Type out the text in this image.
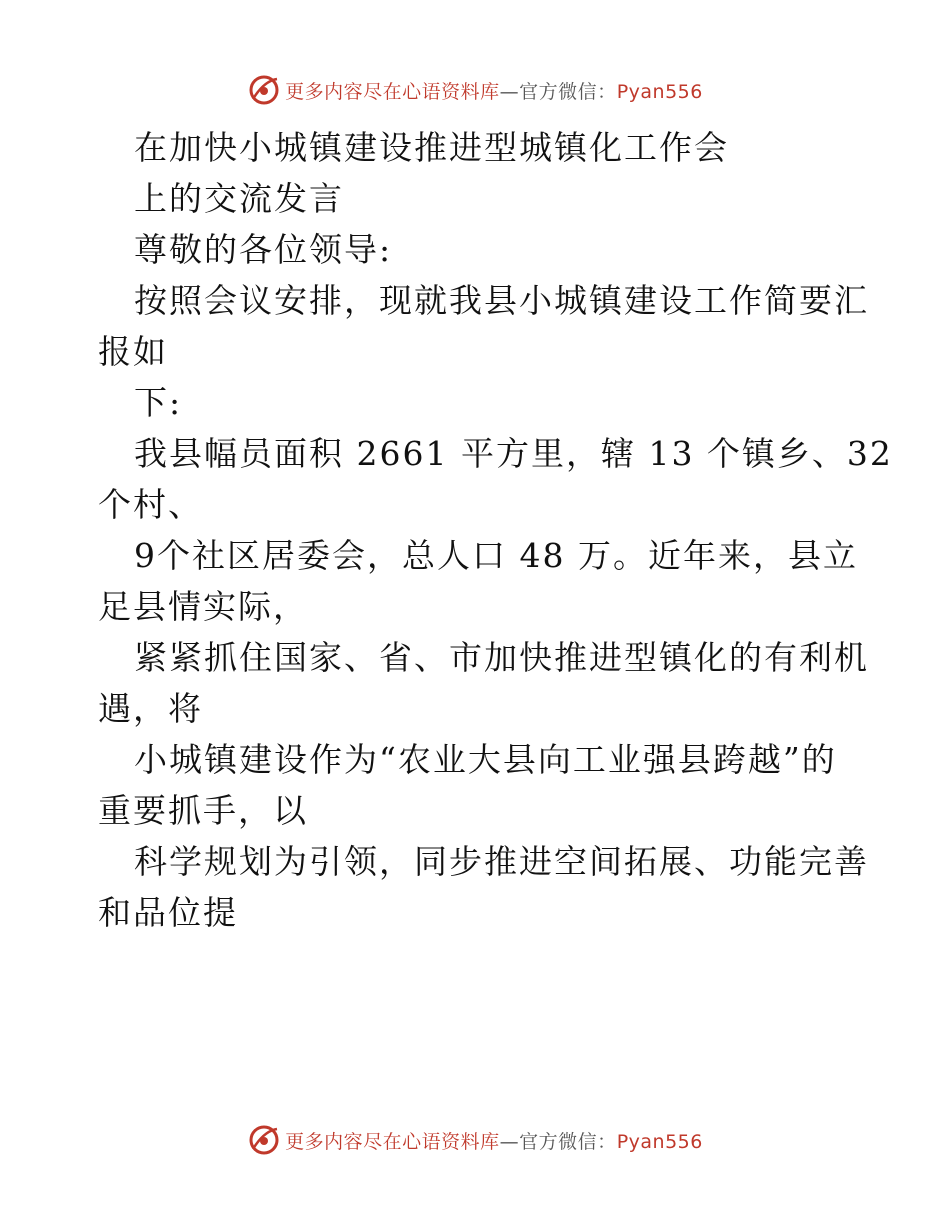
更多内容尽在心语资料库—官方微信：Pyan556
在加快小城镇建设推进型城镇化工作会
上的交流发言
尊敬的各位领导:
按照会议安排，现就我县小城镇建设工作简要汇
报如
下:
我县幅员面积 2661 平方里，辖 13 个镇乡、32
个村、
9个社区居委会，总人口 48 万。近年来，县立
足县情实际，
紧紧抓住国家、省、市加快推进型镇化的有利机
遇，将
小城镇建设作为“农业大县向工业强县跨越”的
重要抓手，以
科学规划为引领，同步推进空间拓展、功能完善
和品位提
更多内容尽在心语资料库—官方微信：Pyan556
